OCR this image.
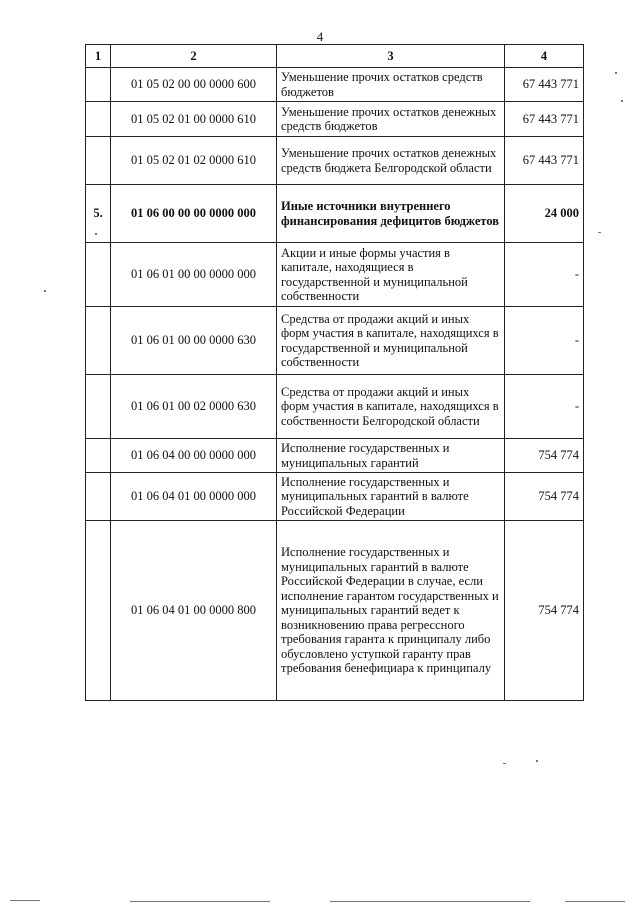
4
1	2	3	4
	01 05 02 00 00 0000 600	Уменьшение прочих остатков средств бюджетов	67 443 771
	01 05 02 01 00 0000 610	Уменьшение прочих остатков денежных средств бюджетов	67 443 771
	01 05 02 01 02 0000 610	Уменьшение прочих остатков денежных средств бюджета Белгородской области	67 443 771
5.	01 06 00 00 00 0000 000	Иные источники внутреннего финансирования дефицитов бюджетов	24 000
	01 06 01 00 00 0000 000	Акции и иные формы участия в капитале, находящиеся в государственной и муниципальной собственности	-
	01 06 01 00 00 0000 630	Средства от продажи акций и иных форм участия в капитале, находящихся в государственной и муниципальной собственности	-
	01 06 01 00 02 0000 630	Средства от продажи акций и иных форм участия в капитале, находящихся в собственности Белгородской области	-
	01 06 04 00 00 0000 000	Исполнение государственных и муниципальных гарантий	754 774
	01 06 04 01 00 0000 000	Исполнение государственных и муниципальных гарантий в валюте Российской Федерации	754 774
	01 06 04 01 00 0000 800	Исполнение государственных и муниципальных гарантий в валюте Российской Федерации в случае, если исполнение гарантом государственных и муниципальных гарантий ведет к возникновению права регрессного требования гаранта к принципалу либо обусловлено уступкой гаранту прав требования бенефициара к принципалу	754 774
